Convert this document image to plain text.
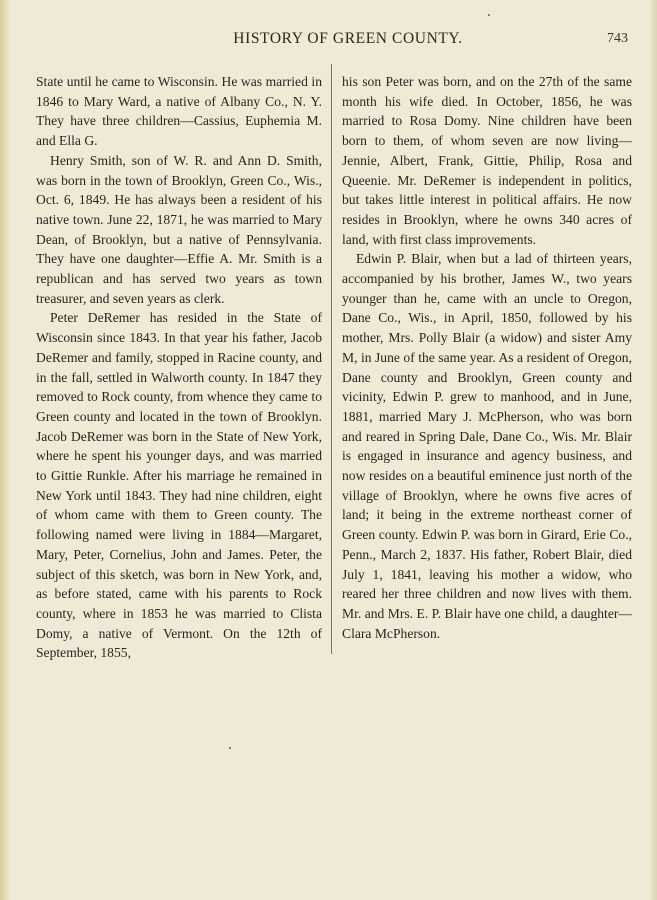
HISTORY OF GREEN COUNTY.	743

State until he came to Wisconsin. He was married in 1846 to Mary Ward, a native of Albany Co., N. Y. They have three children—Cassius, Euphemia M. and Ella G.

Henry Smith, son of W. R. and Ann D. Smith, was born in the town of Brooklyn, Green Co., Wis., Oct. 6, 1849. He has always been a resident of his native town. June 22, 1871, he was married to Mary Dean, of Brooklyn, but a native of Pennsylvania. They have one daughter—Effie A. Mr. Smith is a republican and has served two years as town treasurer, and seven years as clerk.

Peter DeRemer has resided in the State of Wisconsin since 1843. In that year his father, Jacob DeRemer and family, stopped in Racine county, and in the fall, settled in Walworth county. In 1847 they removed to Rock county, from whence they came to Green county and located in the town of Brooklyn. Jacob DeRemer was born in the State of New York, where he spent his younger days, and was married to Gittie Runkle. After his marriage he remained in New York until 1843. They had nine children, eight of whom came with them to Green county. The following named were living in 1884—Margaret, Mary, Peter, Cornelius, John and James. Peter, the subject of this sketch, was born in New York, and, as before stated, came with his parents to Rock county, where in 1853 he was married to Clista Domy, a native of Vermont. On the 12th of September, 1855,

his son Peter was born, and on the 27th of the same month his wife died. In October, 1856, he was married to Rosa Domy. Nine children have been born to them, of whom seven are now living—Jennie, Albert, Frank, Gittie, Philip, Rosa and Queenie. Mr. DeRemer is independent in politics, but takes little interest in political affairs. He now resides in Brooklyn, where he owns 340 acres of land, with first class improvements.

Edwin P. Blair, when but a lad of thirteen years, accompanied by his brother, James W., two years younger than he, came with an uncle to Oregon, Dane Co., Wis., in April, 1850, followed by his mother, Mrs. Polly Blair (a widow) and sister Amy M, in June of the same year. As a resident of Oregon, Dane county and Brooklyn, Green county and vicinity, Edwin P. grew to manhood, and in June, 1881, married Mary J. McPherson, who was born and reared in Spring Dale, Dane Co., Wis. Mr. Blair is engaged in insurance and agency business, and now resides on a beautiful eminence just north of the village of Brooklyn, where he owns five acres of land; it being in the extreme northeast corner of Green county. Edwin P. was born in Girard, Erie Co., Penn., March 2, 1837. His father, Robert Blair, died July 1, 1841, leaving his mother a widow, who reared her three children and now lives with them. Mr. and Mrs. E. P. Blair have one child, a daughter—Clara McPherson.
